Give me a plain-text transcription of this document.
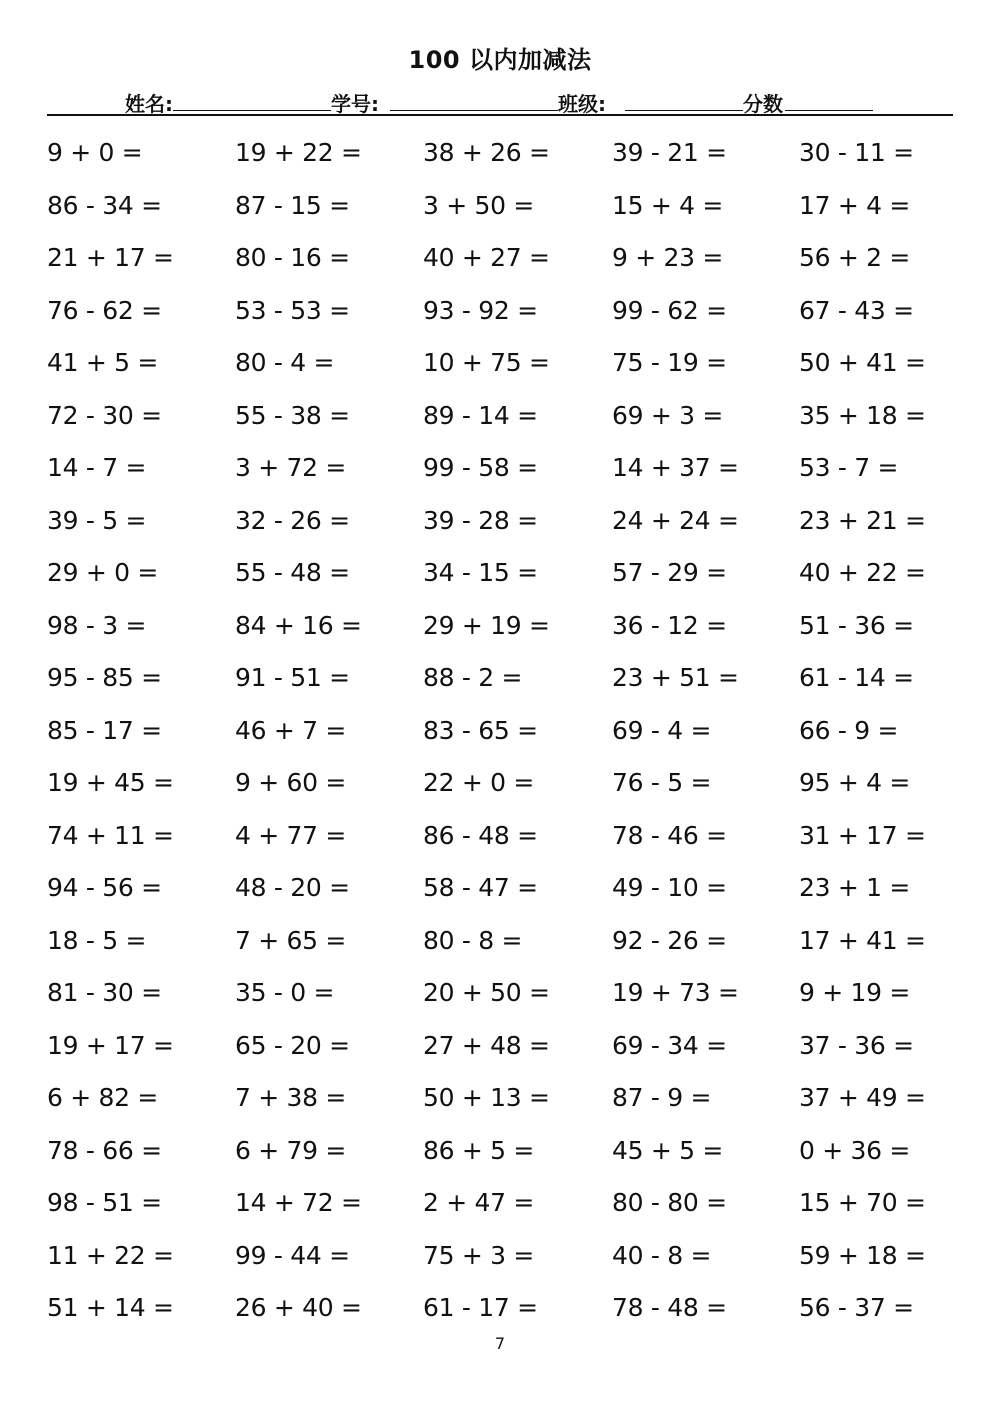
100 以内加减法
姓名:	学号:	班级:	分数
9 + 0 =	19 + 22 = 38 + 26 = 39 - 21 =	30 - 11 =
86 - 34 =	87 - 15 =	3 + 50 =	15 + 4 =	17 + 4 =
21 + 17 = 80 - 16 =	40 + 27 = 9 + 23 =	56 + 2 =
76 - 62 =	53 - 53 =	93 - 92 =	99 - 62 =	67 - 43 =
41 + 5 =	80 - 4 =	10 + 75 = 75 - 19 =	50 + 41 =
72 - 30 =	55 - 38 =	89 - 14 =	69 + 3 =	35 + 18 =
14 - 7 =	3 + 72 =	99 - 58 =	14 + 37 = 53 - 7 =
39 - 5 =	32 - 26 =	39 - 28 =	24 + 24 = 23 + 21 =
29 + 0 =	55 - 48 =	34 - 15 =	57 - 29 =	40 + 22 =
98 - 3 =	84 + 16 = 29 + 19 = 36 - 12 =	51 - 36 =
95 - 85 =	91 - 51 =	88 - 2 =	23 + 51 = 61 - 14 =
85 - 17 =	46 + 7 =	83 - 65 =	69 - 4 =	66 - 9 =
19 + 45 = 9 + 60 =	22 + 0 =	76 - 5 =	95 + 4 =
74 + 11 = 4 + 77 =	86 - 48 =	78 - 46 =	31 + 17 =
94 - 56 =	48 - 20 =	58 - 47 =	49 - 10 =	23 + 1 =
18 - 5 =	7 + 65 =	80 - 8 =	92 - 26 =	17 + 41 =
81 - 30 =	35 - 0 =	20 + 50 = 19 + 73 = 9 + 19 =
19 + 17 = 65 - 20 =	27 + 48 = 69 - 34 =	37 - 36 =
6 + 82 =	7 + 38 =	50 + 13 = 87 - 9 =	37 + 49 =
78 - 66 =	6 + 79 =	86 + 5 =	45 + 5 =	0 + 36 =
98 - 51 =	14 + 72 = 2 + 47 =	80 - 80 =	15 + 70 =
11 + 22 = 99 - 44 =	75 + 3 =	40 - 8 =	59 + 18 =
51 + 14 = 26 + 40 = 61 - 17 =	78 - 48 =	56 - 37 =
7
